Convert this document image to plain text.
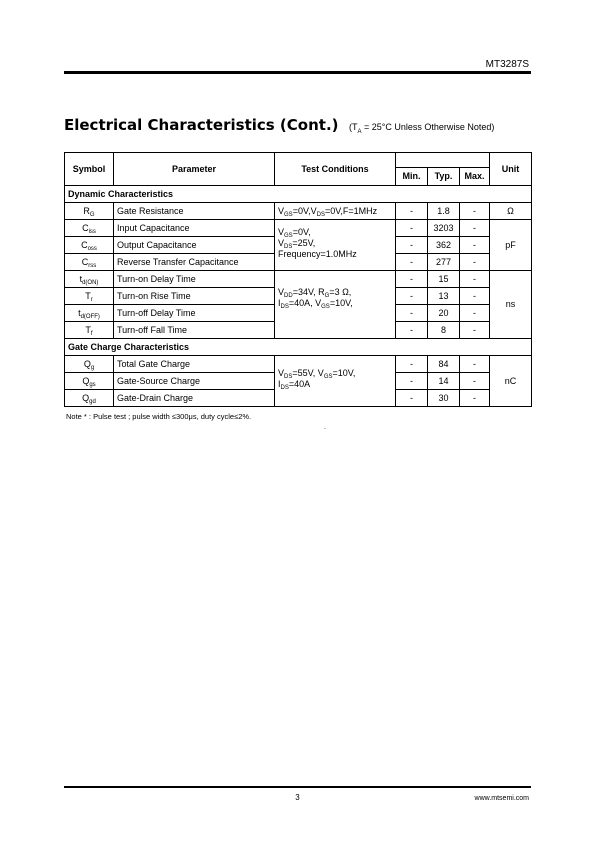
MT3287S
Electrical Characteristics (Cont.) ($T_A = 25^\circ C$ Unless Otherwise Noted)
Symbol	Parameter	Test Conditions				Unit
			Min.	Typ.	Max.	
Dynamic Characteristics						
$R_G$	Gate Resistance	$V_{GS}=0V,V_{DS}=0V,F=1MHz$	-	1.8	-	Ω
$C_{iss}$	Input Capacitance	$V_{GS}=0V$,
$V_{DS}=25V$,
Frequency=1.0MHz	-	3203	-	pF
$C_{oss}$	Output Capacitance		-	362	-	
$C_{rss}$	Reverse Transfer Capacitance		-	277	-	
$t_{d(ON)}$	Turn-on Delay Time	$V_{DD}=34V$, $R_G=3$ Ω,
$I_{DS}=40A$, $V_{GS}=10V$,	-	15	-	ns
$T_r$	Turn-on Rise Time		-	13	-	
$t_{d(OFF)}$	Turn-off Delay Time		-	20	-	
$T_f$	Turn-off Fall Time		-	8	-	
Gate Charge Characteristics						
$Q_g$	Total Gate Charge	$V_{DS}=55V$, $V_{GS}=10V$,
$I_{DS}=40A$	-	84	-	nC
$Q_{gs}$	Gate-Source Charge		-	14	-	
$Q_{gd}$	Gate-Drain Charge		-	30	-	
Note * : Pulse test ; pulse width ≤300μs, duty cycle≤2%.
.
3	www.mtsemi.com
